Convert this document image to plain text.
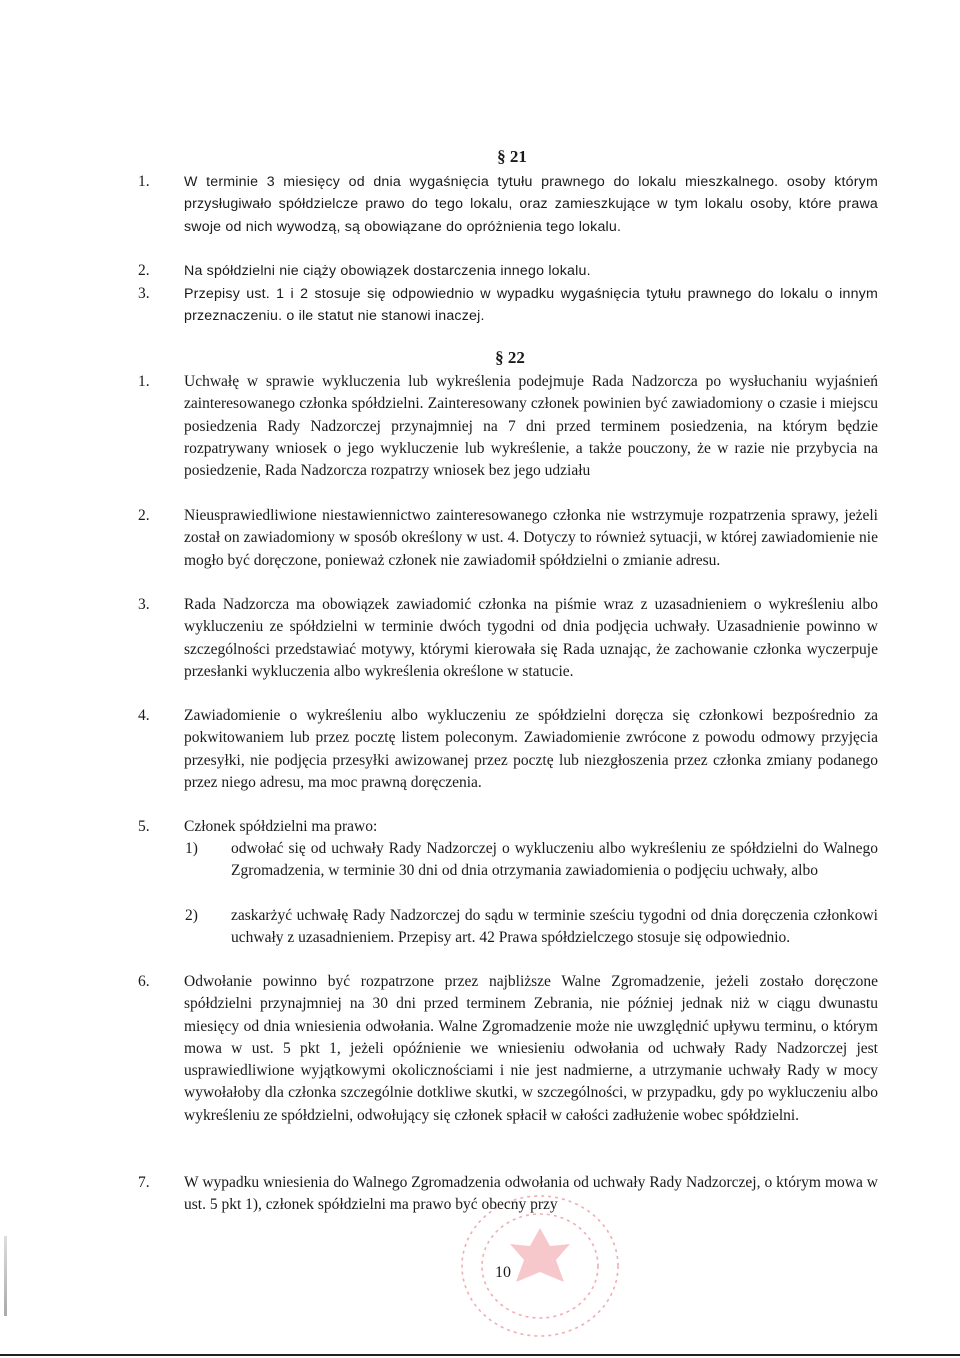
§ 21
1. W terminie 3 miesięcy od dnia wygaśnięcia tytułu prawnego do lokalu mieszkalnego. osoby którym przysługiwało spółdzielcze prawo do tego lokalu, oraz zamieszkujące w tym lokalu osoby, które prawa swoje od nich wywodzą, są obowiązane do opróżnienia tego lokalu.
2. Na spółdzielni nie ciąży obowiązek dostarczenia innego lokalu.
3. Przepisy ust. 1 i 2 stosuje się odpowiednio w wypadku wygaśnięcia tytułu prawnego do lokalu o innym przeznaczeniu. o ile statut nie stanowi inaczej.
§ 22
1. Uchwałę w sprawie wykluczenia lub wykreślenia podejmuje Rada Nadzorcza po wysłuchaniu wyjaśnień zainteresowanego członka spółdzielni. Zainteresowany członek powinien być zawiadomiony o czasie i miejscu posiedzenia Rady Nadzorczej przynajmniej na 7 dni przed terminem posiedzenia, na którym będzie rozpatrywany wniosek o jego wykluczenie lub wykreślenie, a także pouczony, że w razie nie przybycia na posiedzenie, Rada Nadzorcza rozpatrzy wniosek bez jego udziału
2. Nieusprawiedliwione niestawiennictwo zainteresowanego członka nie wstrzymuje rozpatrzenia sprawy, jeżeli został on zawiadomiony w sposób określony w ust. 4. Dotyczy to również sytuacji, w której zawiadomienie nie mogło być doręczone, ponieważ członek nie zawiadomił spółdzielni o zmianie adresu.
3. Rada Nadzorcza ma obowiązek zawiadomić członka na piśmie wraz z uzasadnieniem o wykreśleniu albo wykluczeniu ze spółdzielni w terminie dwóch tygodni od dnia podjęcia uchwały. Uzasadnienie powinno w szczególności przedstawiać motywy, którymi kierowała się Rada uznając, że zachowanie członka wyczerpuje przesłanki wykluczenia albo wykreślenia określone w statucie.
4. Zawiadomienie o wykreśleniu albo wykluczeniu ze spółdzielni doręcza się członkowi bezpośrednio za pokwitowaniem lub przez pocztę listem poleconym. Zawiadomienie zwrócone z powodu odmowy przyjęcia przesyłki, nie podjęcia przesyłki awizowanej przez pocztę lub niezgłoszenia przez członka zmiany podanego przez niego adresu, ma moc prawną doręczenia.
5. Członek spółdzielni ma prawo:
1) odwołać się od uchwały Rady Nadzorczej o wykluczeniu albo wykreśleniu ze spółdzielni do Walnego Zgromadzenia, w terminie 30 dni od dnia otrzymania zawiadomienia o podjęciu uchwały, albo
2) zaskarżyć uchwałę Rady Nadzorczej do sądu w terminie sześciu tygodni od dnia doręczenia członkowi uchwały z uzasadnieniem. Przepisy art. 42 Prawa spółdzielczego stosuje się odpowiednio.
6. Odwołanie powinno być rozpatrzone przez najbliższe Walne Zgromadzenie, jeżeli zostało doręczone spółdzielni przynajmniej na 30 dni przed terminem Zebrania, nie później jednak niż w ciągu dwunastu miesięcy od dnia wniesienia odwołania. Walne Zgromadzenie może nie uwzględnić upływu terminu, o którym mowa w ust. 5 pkt 1, jeżeli opóźnienie we wniesieniu odwołania od uchwały Rady Nadzorczej jest usprawiedliwione wyjątkowymi okolicznościami i nie jest nadmierne, a utrzymanie uchwały Rady w mocy wywołałoby dla członka szczególnie dotkliwe skutki, w szczególności, w przypadku, gdy po wykluczeniu albo wykreśleniu ze spółdzielni, odwołujący się członek spłacił w całości zadłużenie wobec spółdzielni.
7. W wypadku wniesienia do Walnego Zgromadzenia odwołania od uchwały Rady Nadzorczej, o którym mowa w ust. 5 pkt 1), członek spółdzielni ma prawo być obecny przy
10
